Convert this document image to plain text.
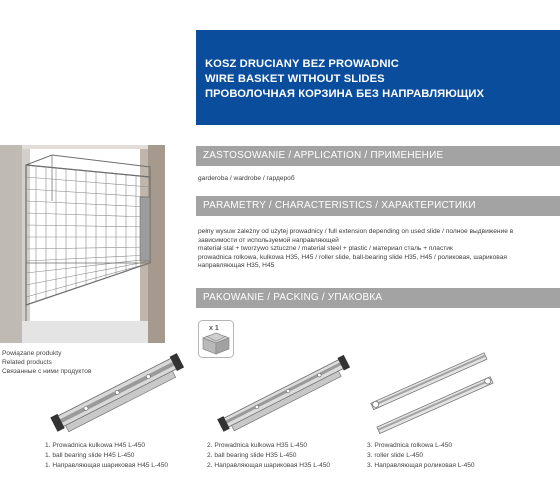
KOSZ DRUCIANY BEZ PROWADNIC
WIRE BASKET WITHOUT SLIDES
ПРОВОЛОЧНАЯ КОРЗИНА БЕЗ НАПРАВЛЯЮЩИХ
ZASTOSOWANIE / APPLICATION / ПРИМЕНЕНИЕ
garderoba / wardrobe / гардероб
PARAMETRY / CHARACTERISTICS / ХАРАКТЕРИСТИКИ
pełny wysuw zależny od użytej prowadnicy / full extension depending on used slide / полное выдвижение в
зависимости от используемой направляющей
materiał stal + tworzywo sztuczne / material steel + plastic / материал сталь + пластик
prowadnica rolkowa, kulkowa H35, H45 / roller slide, ball-bearing slide H35, H45 / роликовая, шариковая
направляющая H35, H45
PAKOWANIE / PACKING / УПАКОВКА
x 1
Powiązane produkty
Related products
Связанные с ними продуктов
1. Prowadnica kulkowa H45 L-450
1. ball bearing slide H45 L-450
1. Направляющая шариковая H45 L-450
2. Prowadnica kulkowa H35 L-450
2. ball bearing slide H35 L-450
2. Направляющая шариковая H35 L-450
3. Prowadnica rolkowa L-450
3. roller slide L-450
3. Направляющая роликовая L-450
